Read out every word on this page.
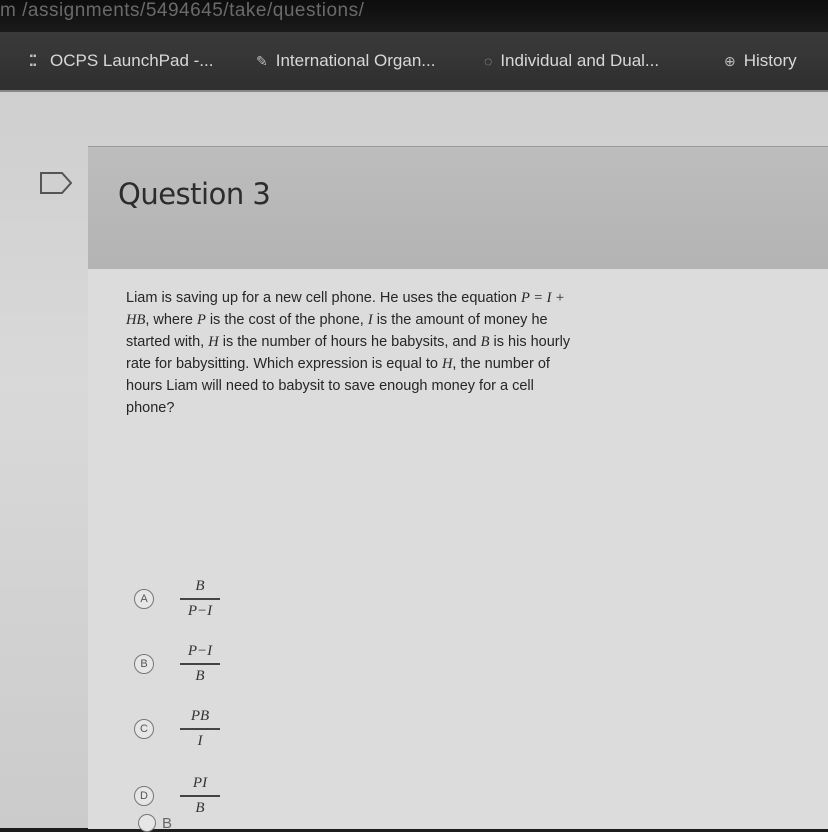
m /assignments/5494645/take/questions/
▪▪
▪▪ OCPS LaunchPad -...	✎ International Organ...	◌ Individual and Dual...	⊕ History
Question 3
Liam is saving up for a new cell phone. He uses the equation P = I + HB, where P is the cost of the phone, I is the amount of money he started with, H is the number of hours he babysits, and B is his hourly rate for babysitting. Which expression is equal to H, the number of hours Liam will need to babysit to save enough money for a cell phone?
A	$\frac{B}{P-I}$
B	$\frac{P-I}{B}$
C	$\frac{PB}{I}$
D	$\frac{PI}{B}$
B
